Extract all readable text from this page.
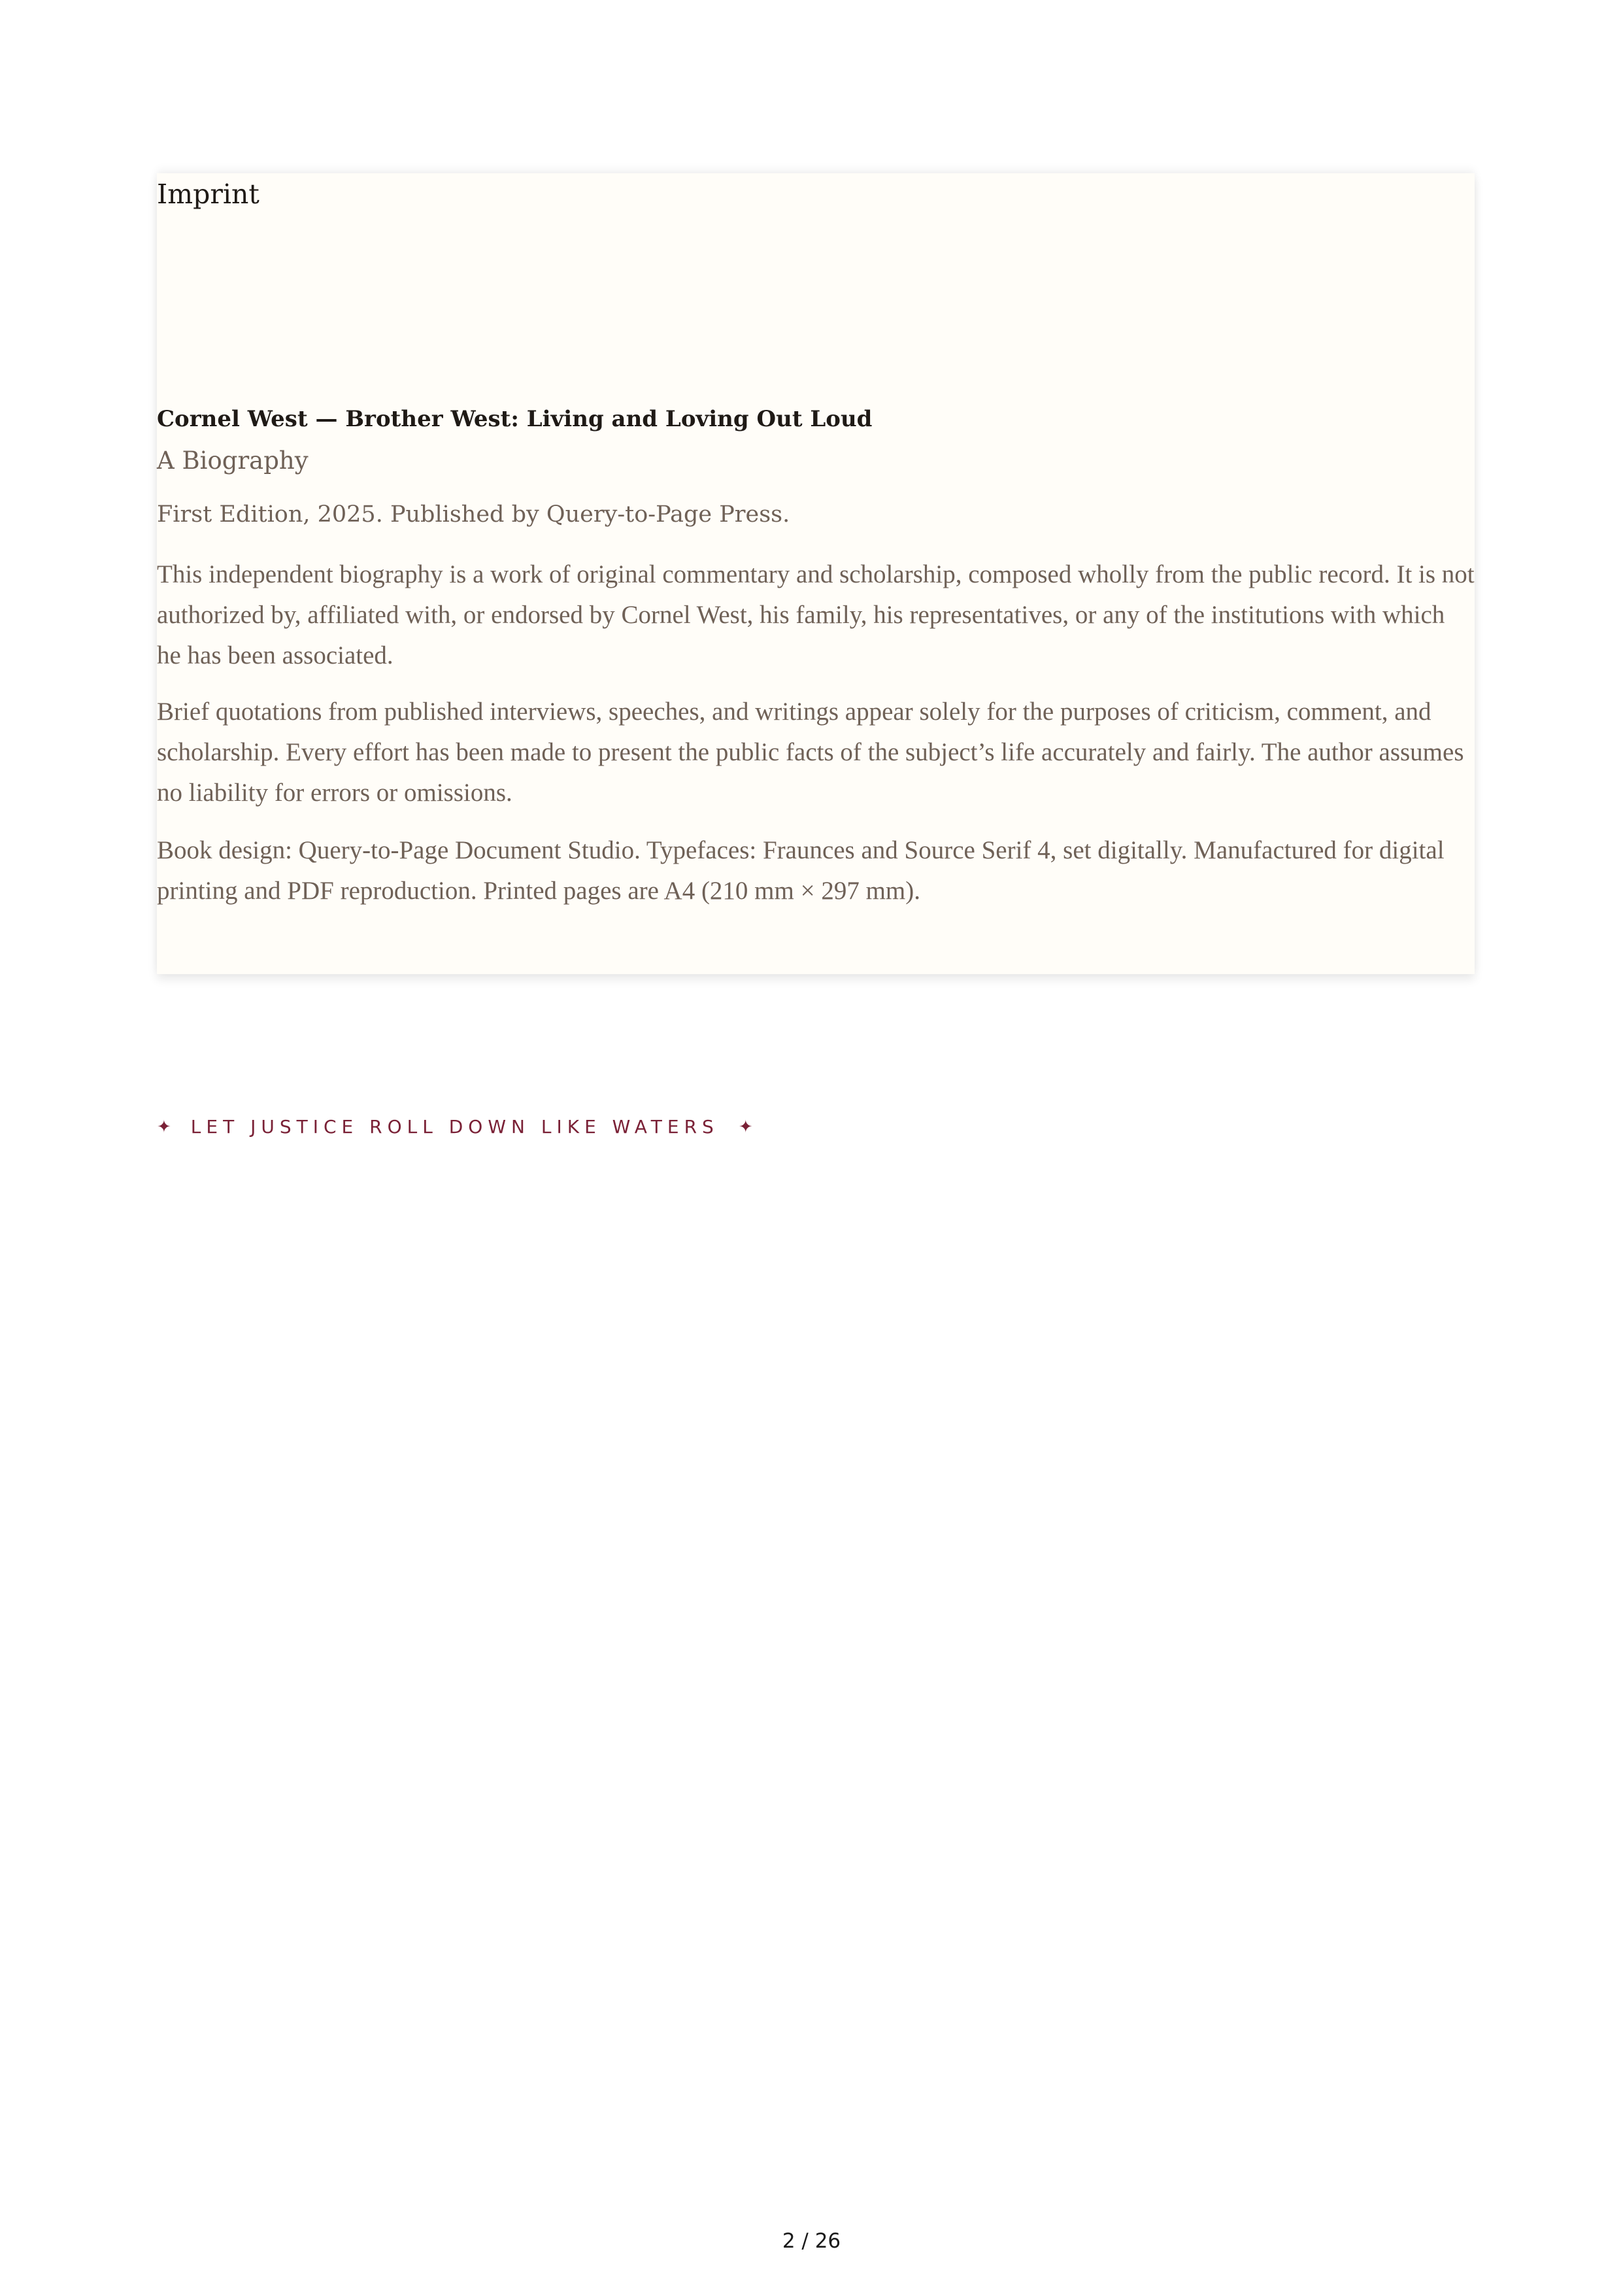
Imprint
Cornel West — Brother West: Living and Loving Out Loud

A Biography

First Edition, 2025. Published by Query-to-Page Press.

This independent biography is a work of original commentary and scholarship, composed wholly from the public record. It is not authorized by, affiliated with, or endorsed by Cornel West, his family, his representatives, or any of the institutions with which he has been associated.

Brief quotations from published interviews, speeches, and writings appear solely for the purposes of criticism, comment, and scholarship. Every effort has been made to present the public facts of the subject’s life accurately and fairly. The author assumes no liability for errors or omissions.

Book design: Query-to-Page Document Studio. Typefaces: Fraunces and Source Serif 4, set digitally. Manufactured for digital printing and PDF reproduction. Printed pages are A4 (210 mm × 297 mm).

✦ LET JUSTICE ROLL DOWN LIKE WATERS ✦
2 / 26
